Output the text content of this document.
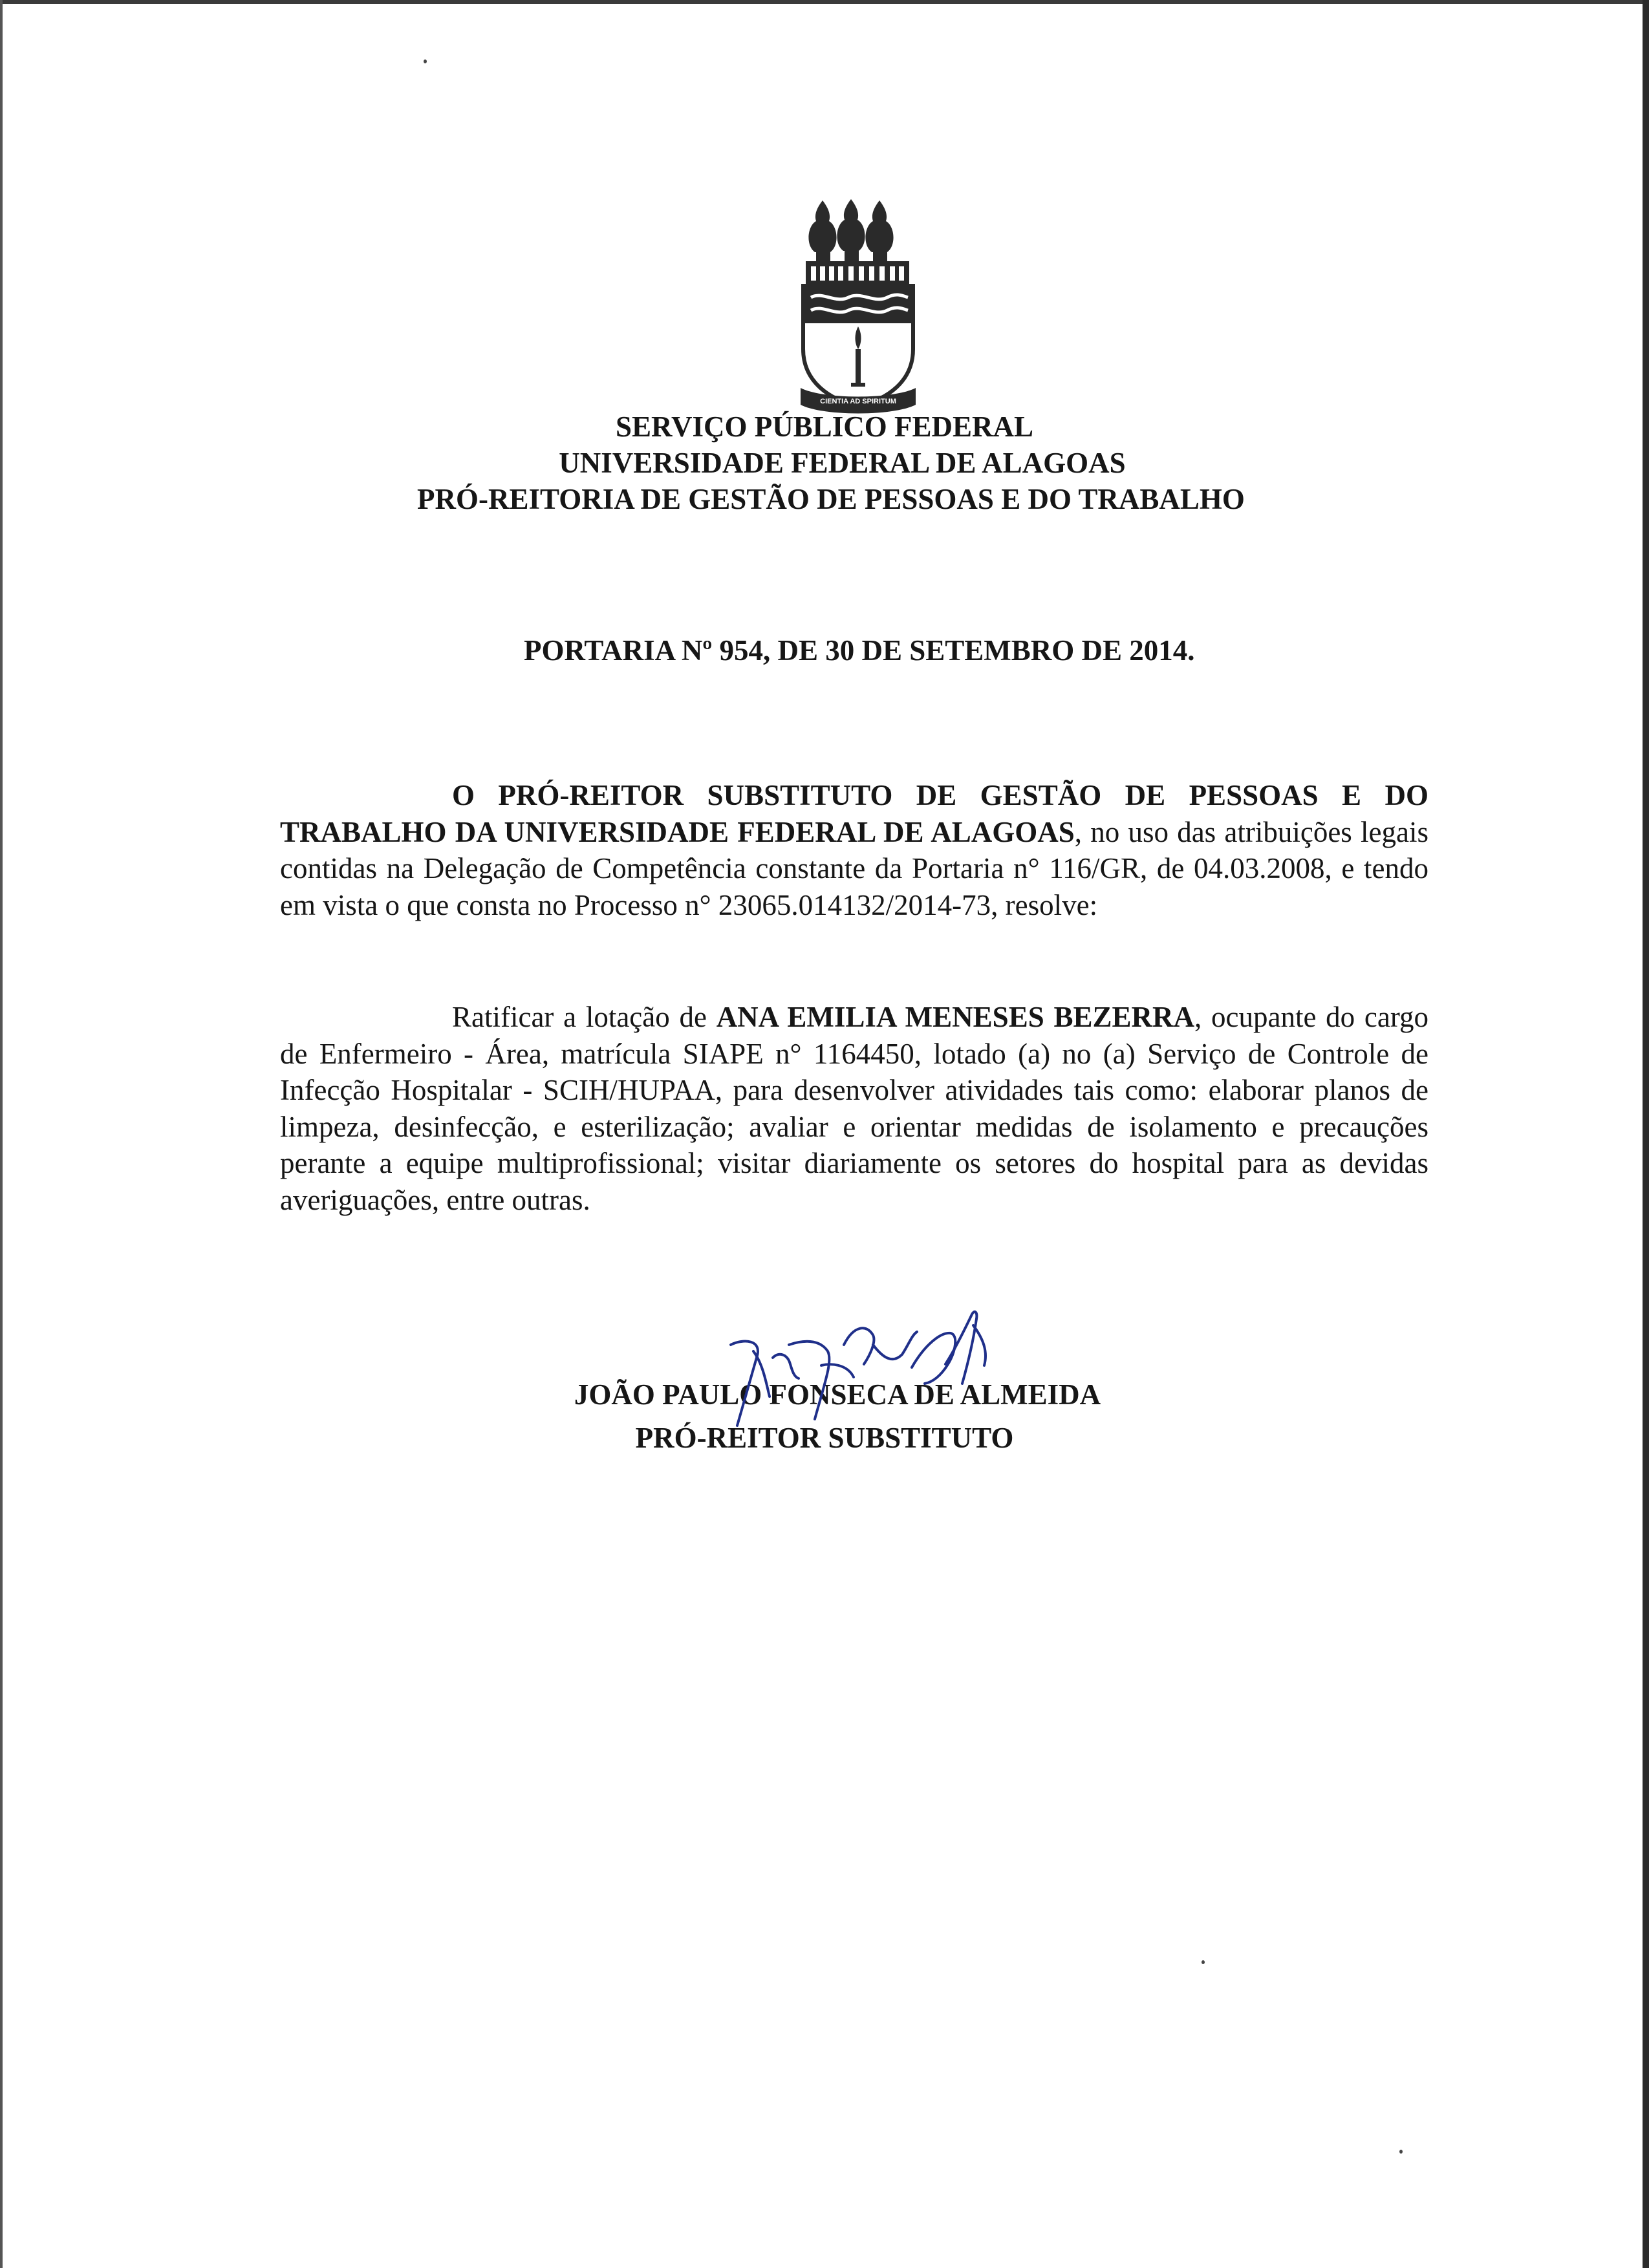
CIENTIA AD SPIRITUM
SERVIÇO PÚBLICO FEDERAL
UNIVERSIDADE FEDERAL DE ALAGOAS
PRÓ-REITORIA DE GESTÃO DE PESSOAS E DO TRABALHO
PORTARIA Nº 954, DE 30 DE SETEMBRO DE 2014.
O PRÓ-REITOR SUBSTITUTO DE GESTÃO DE PESSOAS E DO TRABALHO DA UNIVERSIDADE FEDERAL DE ALAGOAS, no uso das atribuições legais contidas na Delegação de Competência constante da Portaria n° 116/GR, de 04.03.2008, e tendo em vista o que consta no Processo n° 23065.014132/2014-73, resolve:
Ratificar a lotação de ANA EMILIA MENESES BEZERRA, ocupante do cargo de Enfermeiro - Área, matrícula SIAPE n° 1164450, lotado (a) no (a) Serviço de Controle de Infecção Hospitalar - SCIH/HUPAA, para desenvolver atividades tais como: elaborar planos de limpeza, desinfecção, e esterilização; avaliar e orientar medidas de isolamento e precauções perante a equipe multiprofissional; visitar diariamente os setores do hospital para as devidas averiguações, entre outras.
JOÃO PAULO FONSECA DE ALMEIDA
PRÓ-REITOR SUBSTITUTO
